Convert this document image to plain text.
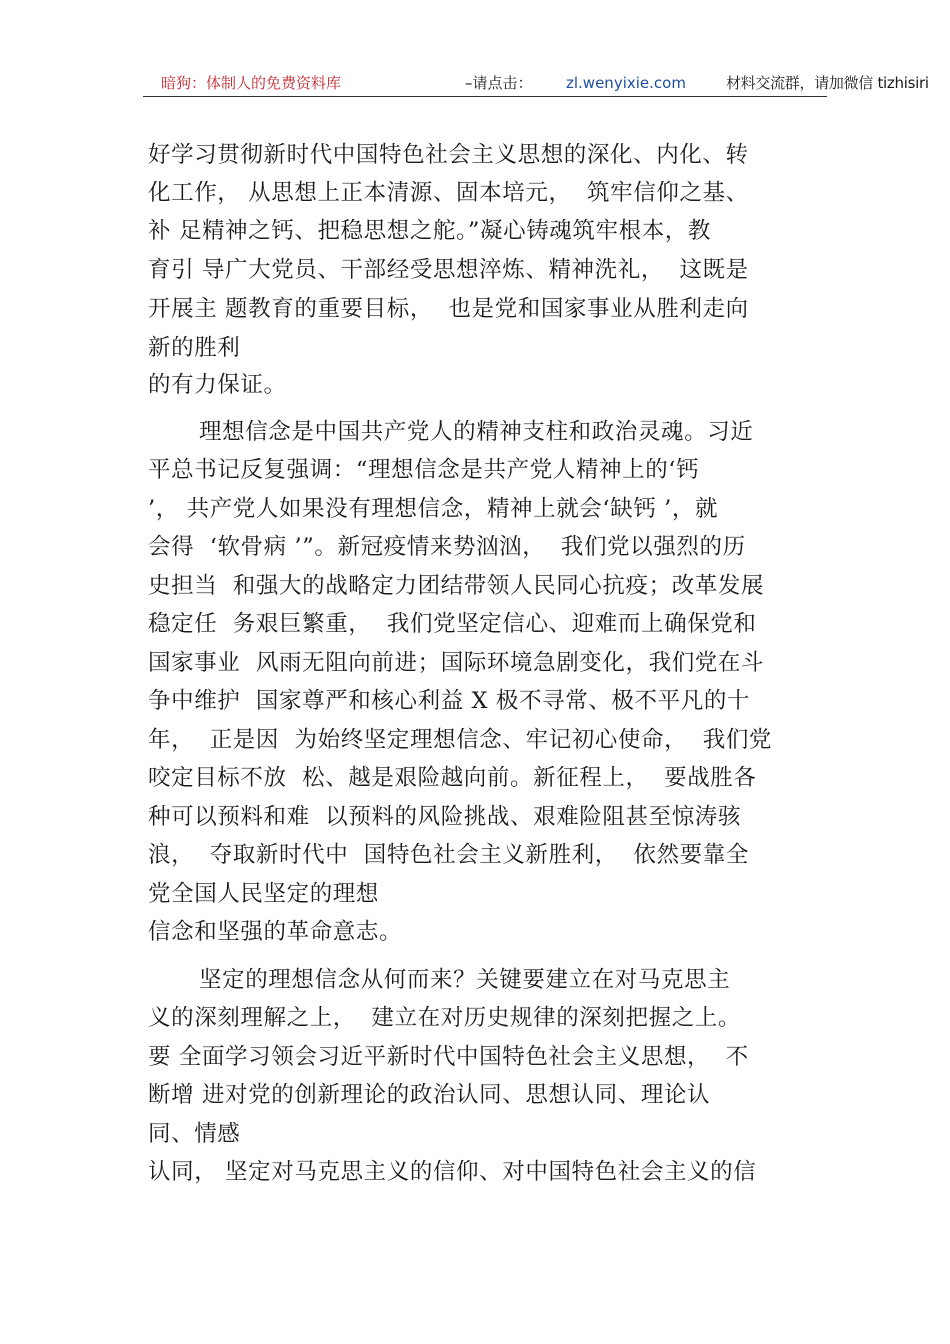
暗狗：体制人的免费资料库	–请点击： zl.wenyixie.com	材料交流群，请加微信 tizhisiri
好学习贯彻新时代中国特色社会主义思想的深化、内化、转
化工作， 从思想上正本清源、固本培元，  筑牢信仰之基、
补 足精神之钙、把稳思想之舵。”凝心铸魂筑牢根本，教
育引 导广大党员、干部经受思想淬炼、精神洗礼，  这既是
开展主 题教育的重要目标，  也是党和国家事业从胜利走向
新的胜利
的有力保证。
理想信念是中国共产党人的精神支柱和政治灵魂。习近
平总书记反复强调：“理想信念是共产党人精神上的‘钙
’， 共产党人如果没有理想信念，精神上就会‘缺钙 ’，就
会得  ‘软骨病 ’”。新冠疫情来势汹汹，  我们党以强烈的历
史担当  和强大的战略定力团结带领人民同心抗疫；改革发展
稳定任  务艰巨繁重，  我们党坚定信心、迎难而上确保党和
国家事业  风雨无阻向前进；国际环境急剧变化，我们党在斗
争中维护  国家尊严和核心利益 X 极不寻常、极不平凡的十
年，  正是因  为始终坚定理想信念、牢记初心使命，  我们党
咬定目标不放  松、越是艰险越向前。新征程上，  要战胜各
种可以预料和难  以预料的风险挑战、艰难险阻甚至惊涛骇
浪，  夺取新时代中  国特色社会主义新胜利，  依然要靠全
党全国人民坚定的理想
信念和坚强的革命意志。
坚定的理想信念从何而来？关键要建立在对马克思主
义的深刻理解之上，  建立在对历史规律的深刻把握之上。
要 全面学习领会习近平新时代中国特色社会主义思想，  不
断增 进对党的创新理论的政治认同、思想认同、理论认
同、情感
认同， 坚定对马克思主义的信仰、对中国特色社会主义的信
